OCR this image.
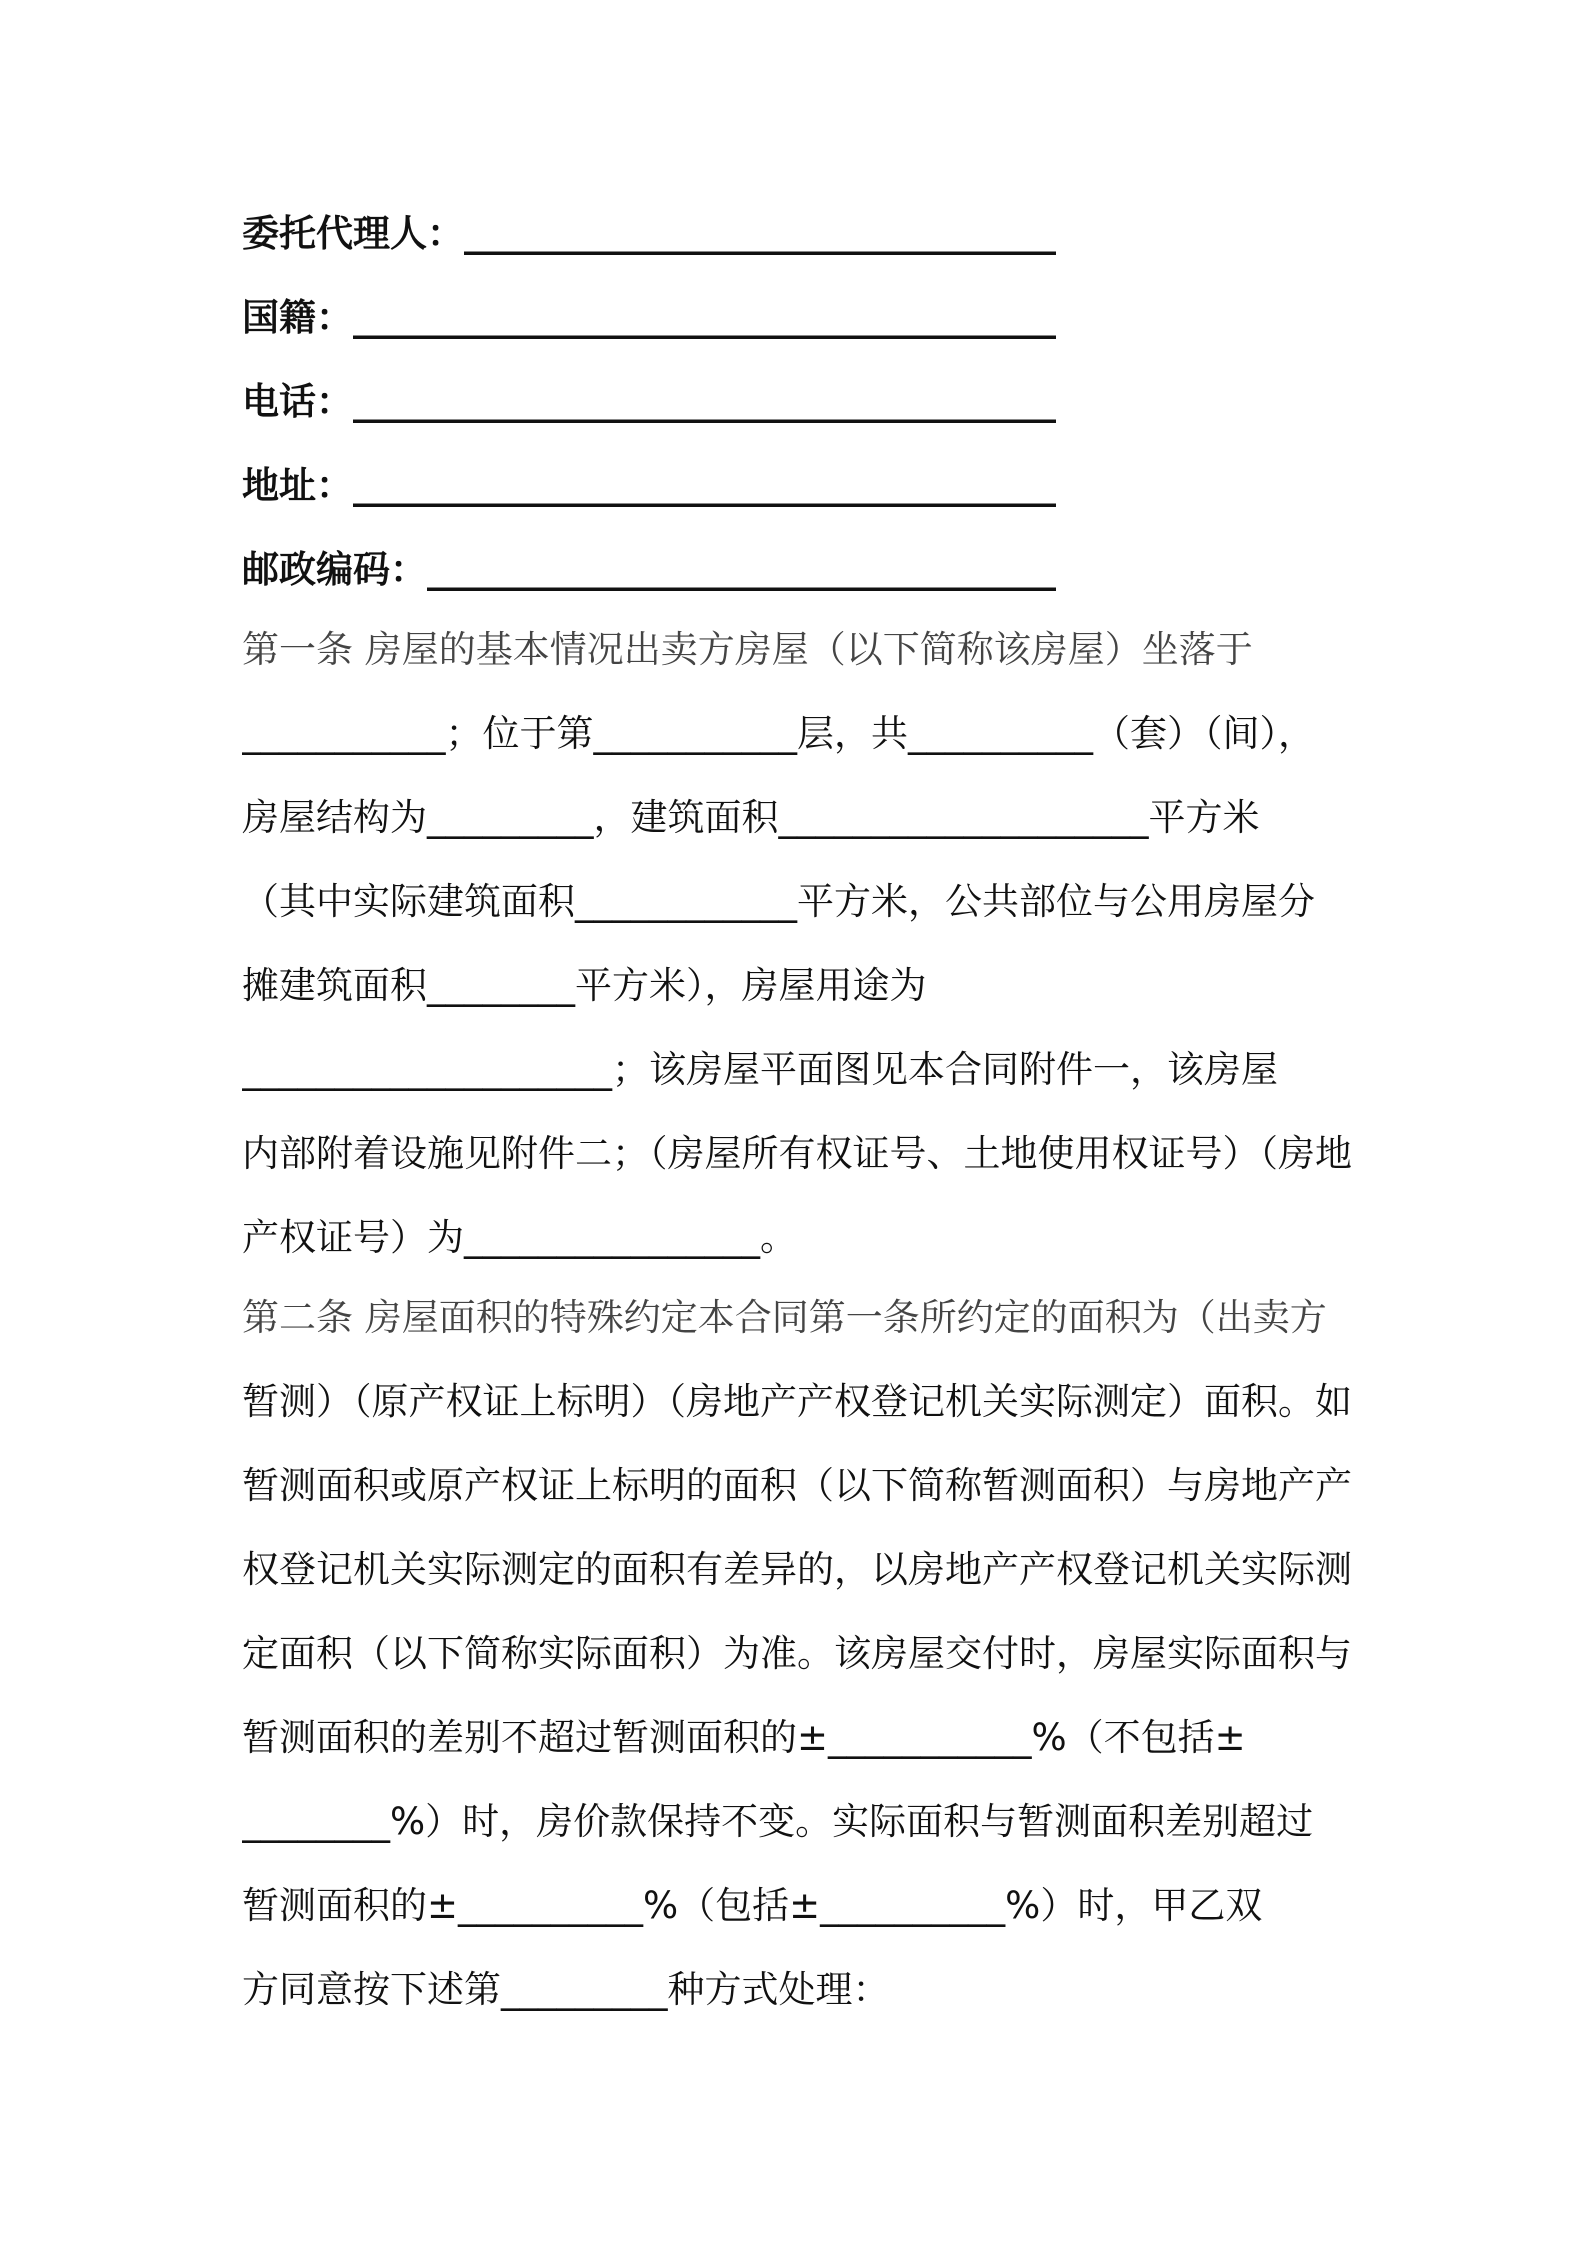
委托代理人：________________________________
国籍：______________________________________
电话：______________________________________
地址：______________________________________
邮政编码：__________________________________
第一条 房屋的基本情况出卖方房屋（以下简称该房屋）坐落于
___________；位于第___________层，共__________（套）（间），
房屋结构为_________，建筑面积____________________平方米
（其中实际建筑面积____________平方米，公共部位与公用房屋分
摊建筑面积________平方米），房屋用途为
____________________；该房屋平面图见本合同附件一，该房屋
内部附着设施见附件二；（房屋所有权证号、土地使用权证号）（房地
产权证号）为________________。
第二条 房屋面积的特殊约定本合同第一条所约定的面积为（出卖方
暂测）（原产权证上标明）（房地产产权登记机关实际测定）面积。如
暂测面积或原产权证上标明的面积（以下简称暂测面积）与房地产产
权登记机关实际测定的面积有差异的，以房地产产权登记机关实际测
定面积（以下简称实际面积）为准。该房屋交付时，房屋实际面积与
暂测面积的差别不超过暂测面积的±___________%（不包括±
________%）时，房价款保持不变。实际面积与暂测面积差别超过
暂测面积的±__________%（包括±__________%）时，甲乙双
方同意按下述第_________种方式处理：
